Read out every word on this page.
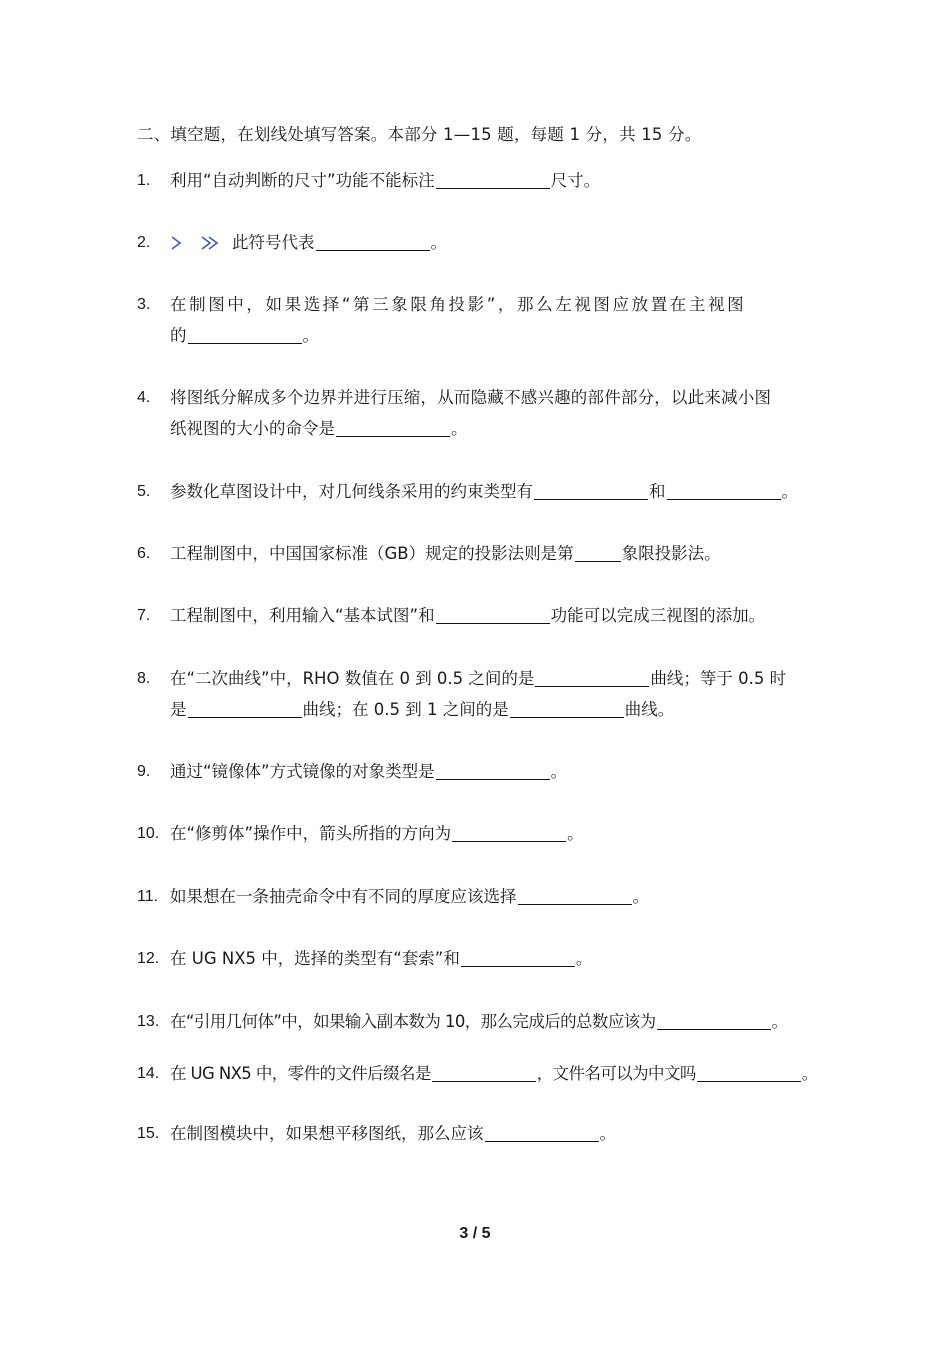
二、填空题，在划线处填写答案。本部分 1—15 题，每题 1 分，共 15 分。
1.	利用“自动判断的尺寸”功能不能标注	尺寸。
2.	此符号代表	。
3.	在制图中，如果选择“第三象限角投影”，那么左视图应放置在主视图
的	。
4.	将图纸分解成多个边界并进行压缩，从而隐藏不感兴趣的部件部分，以此来减小图
纸视图的大小的命令是	。
5.	参数化草图设计中，对几何线条采用的约束类型有	和	。
6.	工程制图中，中国国家标准（GB）规定的投影法则是第	象限投影法。
7.	工程制图中，利用输入“基本试图”和	功能可以完成三视图的添加。
8.	在“二次曲线”中，RHO 数值在 0 到 0.5 之间的是	曲线；等于 0.5 时
是	曲线；在 0.5 到 1 之间的是	曲线。
9.	通过“镜像体”方式镜像的对象类型是	。
10. 在“修剪体”操作中，箭头所指的方向为	。
11. 如果想在一条抽壳命令中有不同的厚度应该选择	。
12. 在 UG NX5 中，选择的类型有“套索”和	。
13. 在“引用几何体”中，如果输入副本数为 10，那么完成后的总数应该为	。
14. 在 UG NX5 中，零件的文件后缀名是	，文件名可以为中文吗	。
15. 在制图模块中，如果想平移图纸，那么应该	。
3 / 5
